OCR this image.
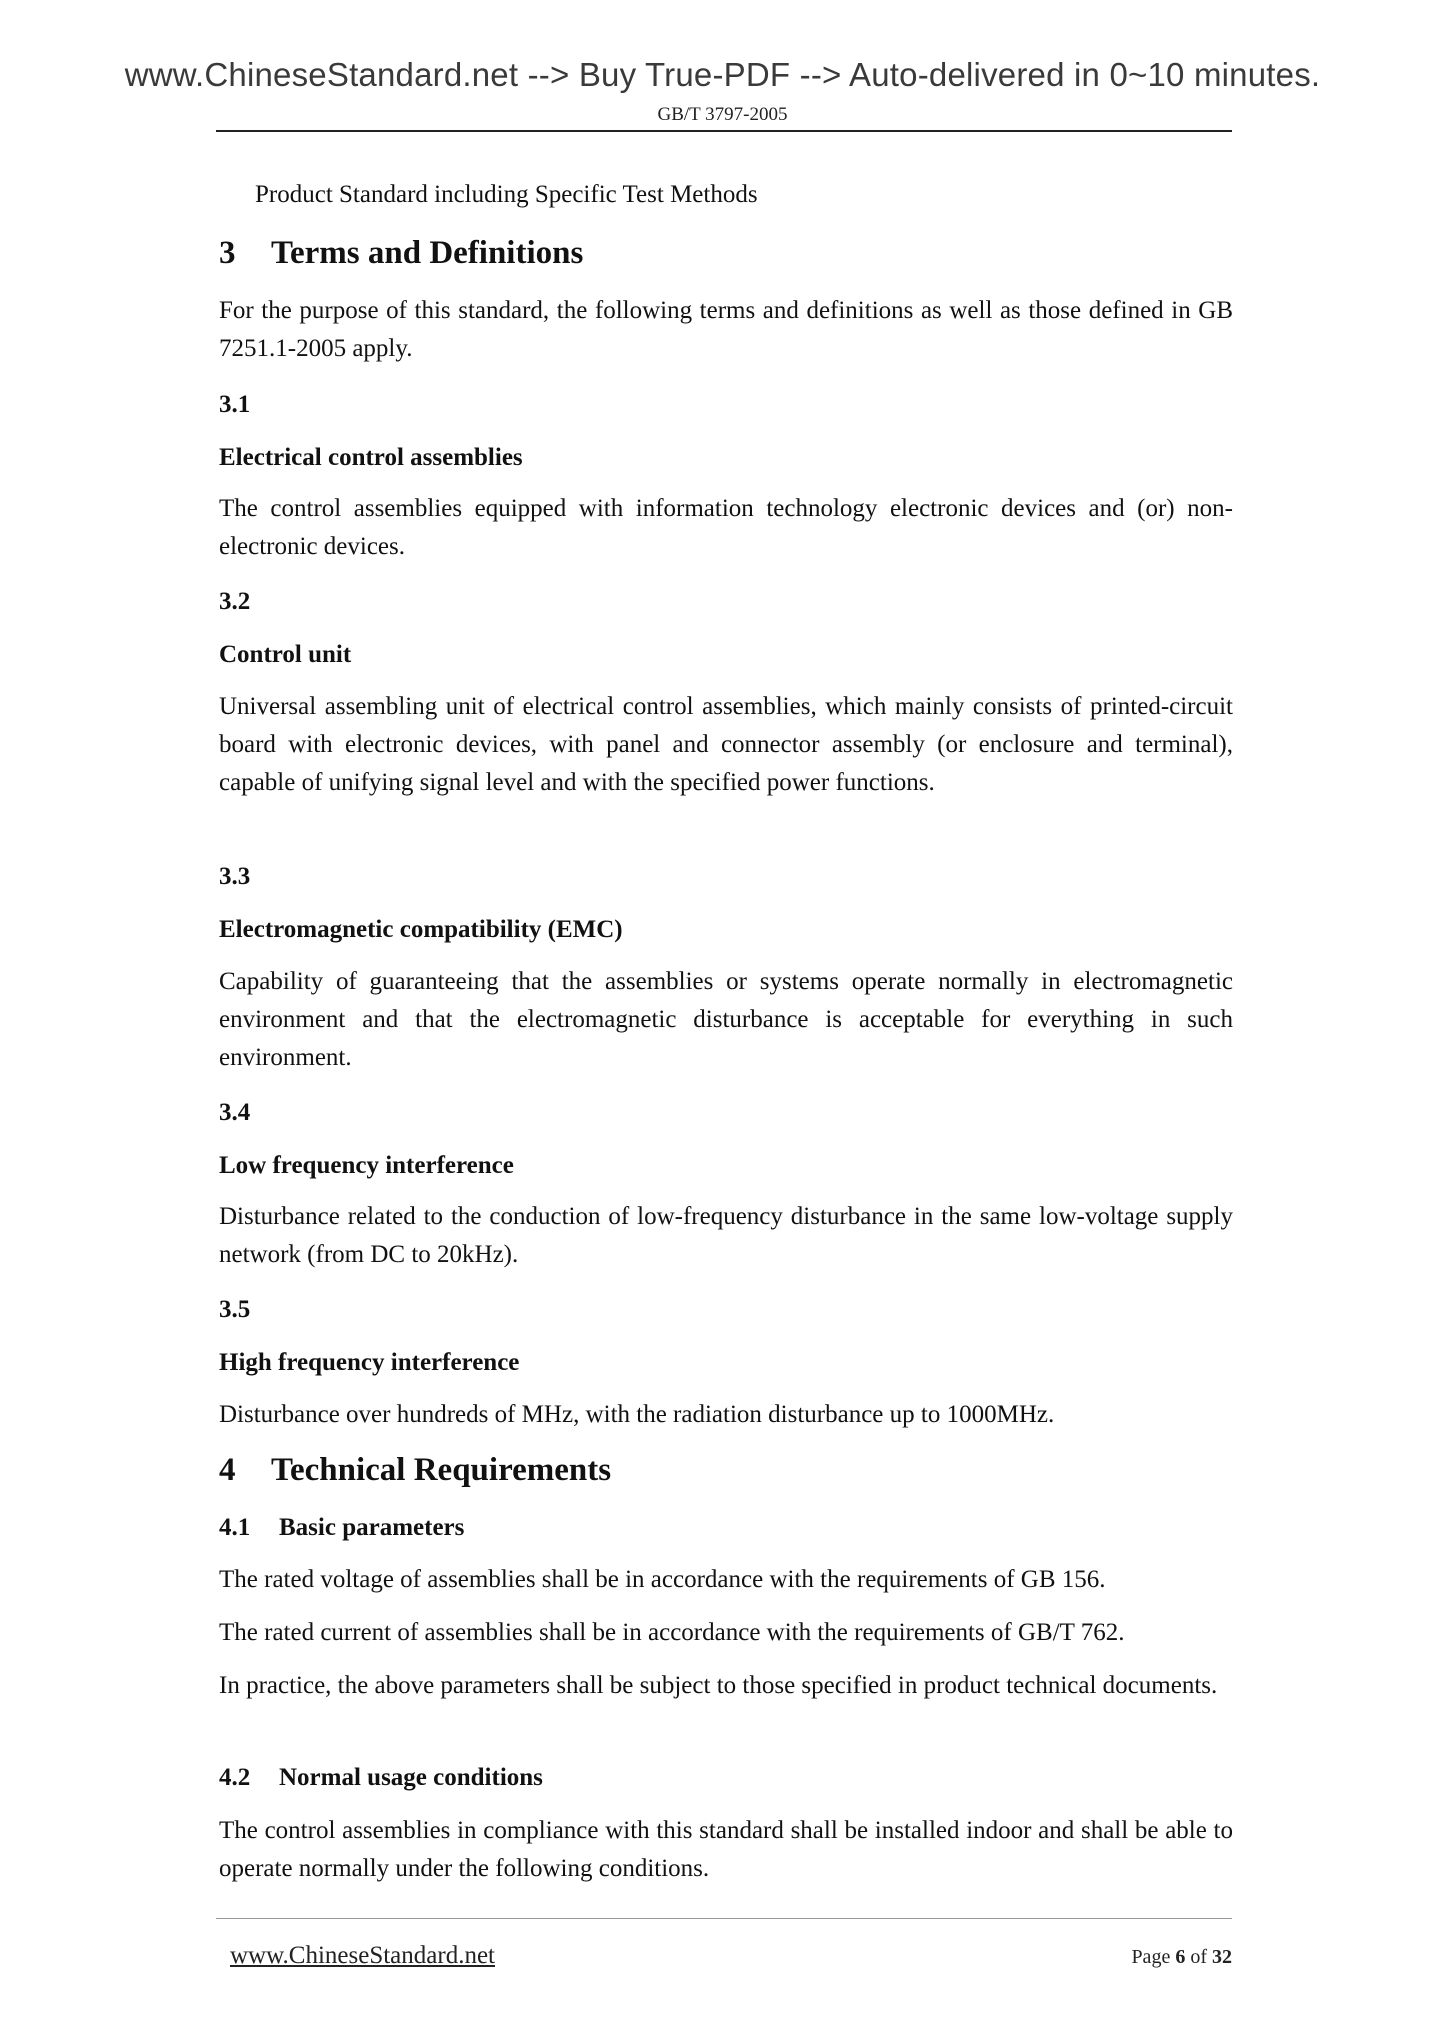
www.ChineseStandard.net --> Buy True-PDF --> Auto-delivered in 0~10 minutes.
GB/T 3797-2005

Product Standard including Specific Test Methods

3 Terms and Definitions

For the purpose of this standard, the following terms and definitions as well as those defined in GB 7251.1-2005 apply.

3.1
Electrical control assemblies

The control assemblies equipped with information technology electronic devices and (or) non-electronic devices.

3.2
Control unit

Universal assembling unit of electrical control assemblies, which mainly consists of printed-circuit board with electronic devices, with panel and connector assembly (or enclosure and terminal), capable of unifying signal level and with the specified power functions.

3.3
Electromagnetic compatibility (EMC)

Capability of guaranteeing that the assemblies or systems operate normally in electromagnetic environment and that the electromagnetic disturbance is acceptable for everything in such environment.

3.4
Low frequency interference

Disturbance related to the conduction of low-frequency disturbance in the same low-voltage supply network (from DC to 20kHz).

3.5
High frequency interference

Disturbance over hundreds of MHz, with the radiation disturbance up to 1000MHz.

4 Technical Requirements
4.1 Basic parameters

The rated voltage of assemblies shall be in accordance with the requirements of GB 156.

The rated current of assemblies shall be in accordance with the requirements of GB/T 762.

In practice, the above parameters shall be subject to those specified in product technical documents.

4.2 Normal usage conditions

The control assemblies in compliance with this standard shall be installed indoor and shall be able to operate normally under the following conditions.

www.ChineseStandard.net	Page 6 of 32
